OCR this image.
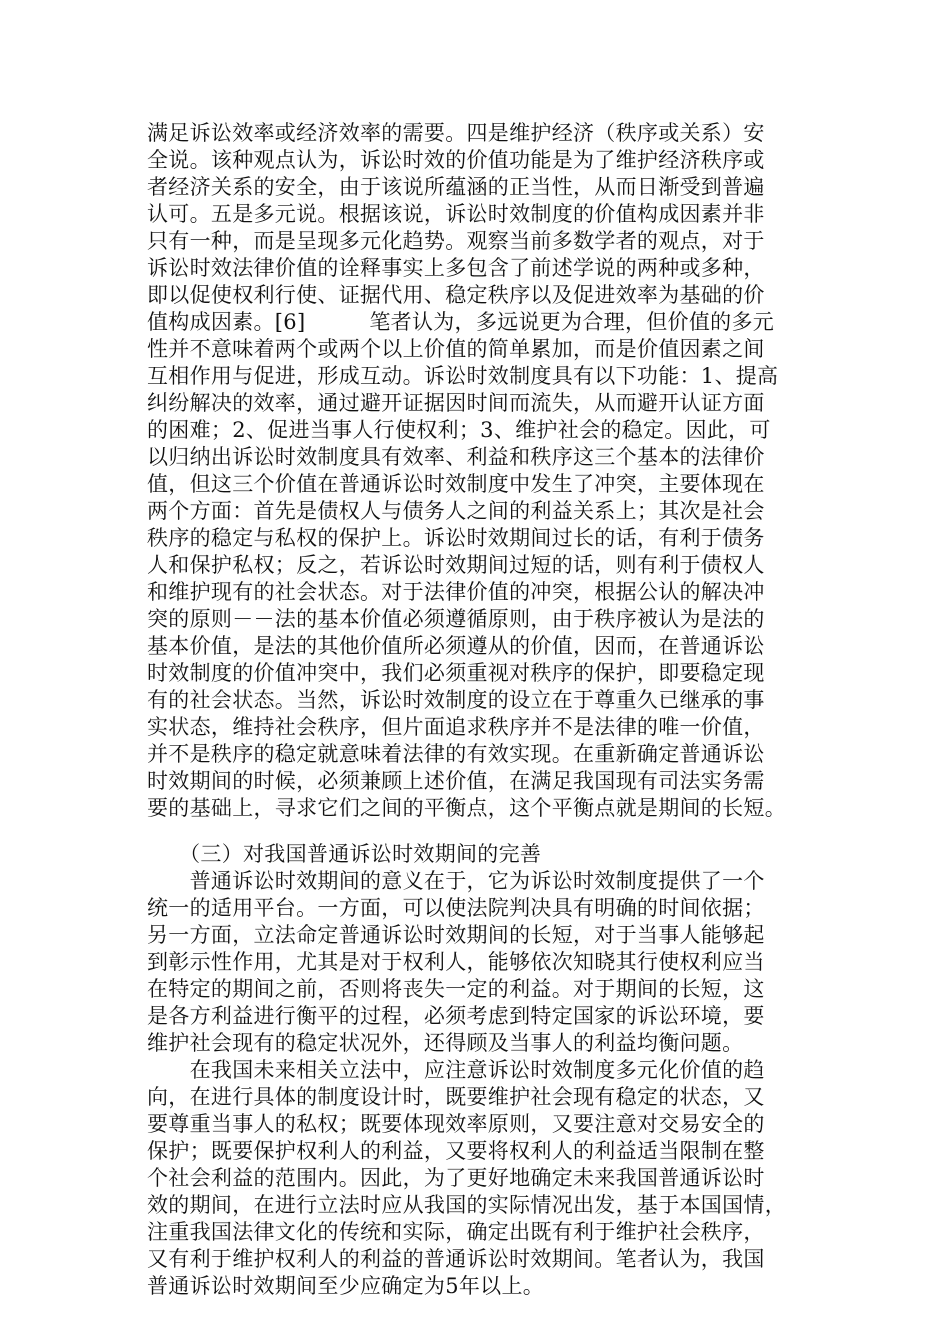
满足诉讼效率或经济效率的需要。四是维护经济（秩序或关系）安
全说。该种观点认为，诉讼时效的价值功能是为了维护经济秩序或
者经济关系的安全，由于该说所蕴涵的正当性，从而日渐受到普遍
认可。五是多元说。根据该说，诉讼时效制度的价值构成因素并非
只有一种，而是呈现多元化趋势。观察当前多数学者的观点，对于
诉讼时效法律价值的诠释事实上多包含了前述学说的两种或多种，
即以促使权利行使、证据代用、稳定秩序以及促进效率为基础的价
值构成因素。[6]　　　笔者认为，多远说更为合理，但价值的多元
性并不意味着两个或两个以上价值的简单累加，而是价值因素之间
互相作用与促进，形成互动。诉讼时效制度具有以下功能：1、提高
纠纷解决的效率，通过避开证据因时间而流失，从而避开认证方面
的困难；2、促进当事人行使权利；3、维护社会的稳定。因此，可
以归纳出诉讼时效制度具有效率、利益和秩序这三个基本的法律价
值，但这三个价值在普通诉讼时效制度中发生了冲突，主要体现在
两个方面：首先是债权人与债务人之间的利益关系上；其次是社会
秩序的稳定与私权的保护上。诉讼时效期间过长的话，有利于债务
人和保护私权；反之，若诉讼时效期间过短的话，则有利于债权人
和维护现有的社会状态。对于法律价值的冲突，根据公认的解决冲
突的原则－－法的基本价值必须遵循原则，由于秩序被认为是法的
基本价值，是法的其他价值所必须遵从的价值，因而，在普通诉讼
时效制度的价值冲突中，我们必须重视对秩序的保护，即要稳定现
有的社会状态。当然，诉讼时效制度的设立在于尊重久已继承的事
实状态，维持社会秩序，但片面追求秩序并不是法律的唯一价值，
并不是秩序的稳定就意味着法律的有效实现。在重新确定普通诉讼
时效期间的时候，必须兼顾上述价值，在满足我国现有司法实务需
要的基础上，寻求它们之间的平衡点，这个平衡点就是期间的长短。
　　（三）对我国普通诉讼时效期间的完善
　　普通诉讼时效期间的意义在于，它为诉讼时效制度提供了一个
统一的适用平台。一方面，可以使法院判决具有明确的时间依据；
另一方面，立法命定普通诉讼时效期间的长短，对于当事人能够起
到彰示性作用，尤其是对于权利人，能够依次知晓其行使权利应当
在特定的期间之前，否则将丧失一定的利益。对于期间的长短，这
是各方利益进行衡平的过程，必须考虑到特定国家的诉讼环境，要
维护社会现有的稳定状况外，还得顾及当事人的利益均衡问题。
　　在我国未来相关立法中，应注意诉讼时效制度多元化价值的趋
向，在进行具体的制度设计时，既要维护社会现有稳定的状态，又
要尊重当事人的私权；既要体现效率原则，又要注意对交易安全的
保护；既要保护权利人的利益，又要将权利人的利益适当限制在整
个社会利益的范围内。因此，为了更好地确定未来我国普通诉讼时
效的期间，在进行立法时应从我国的实际情况出发，基于本国国情，
注重我国法律文化的传统和实际，确定出既有利于维护社会秩序，
又有利于维护权利人的利益的普通诉讼时效期间。笔者认为，我国
普通诉讼时效期间至少应确定为5年以上。
